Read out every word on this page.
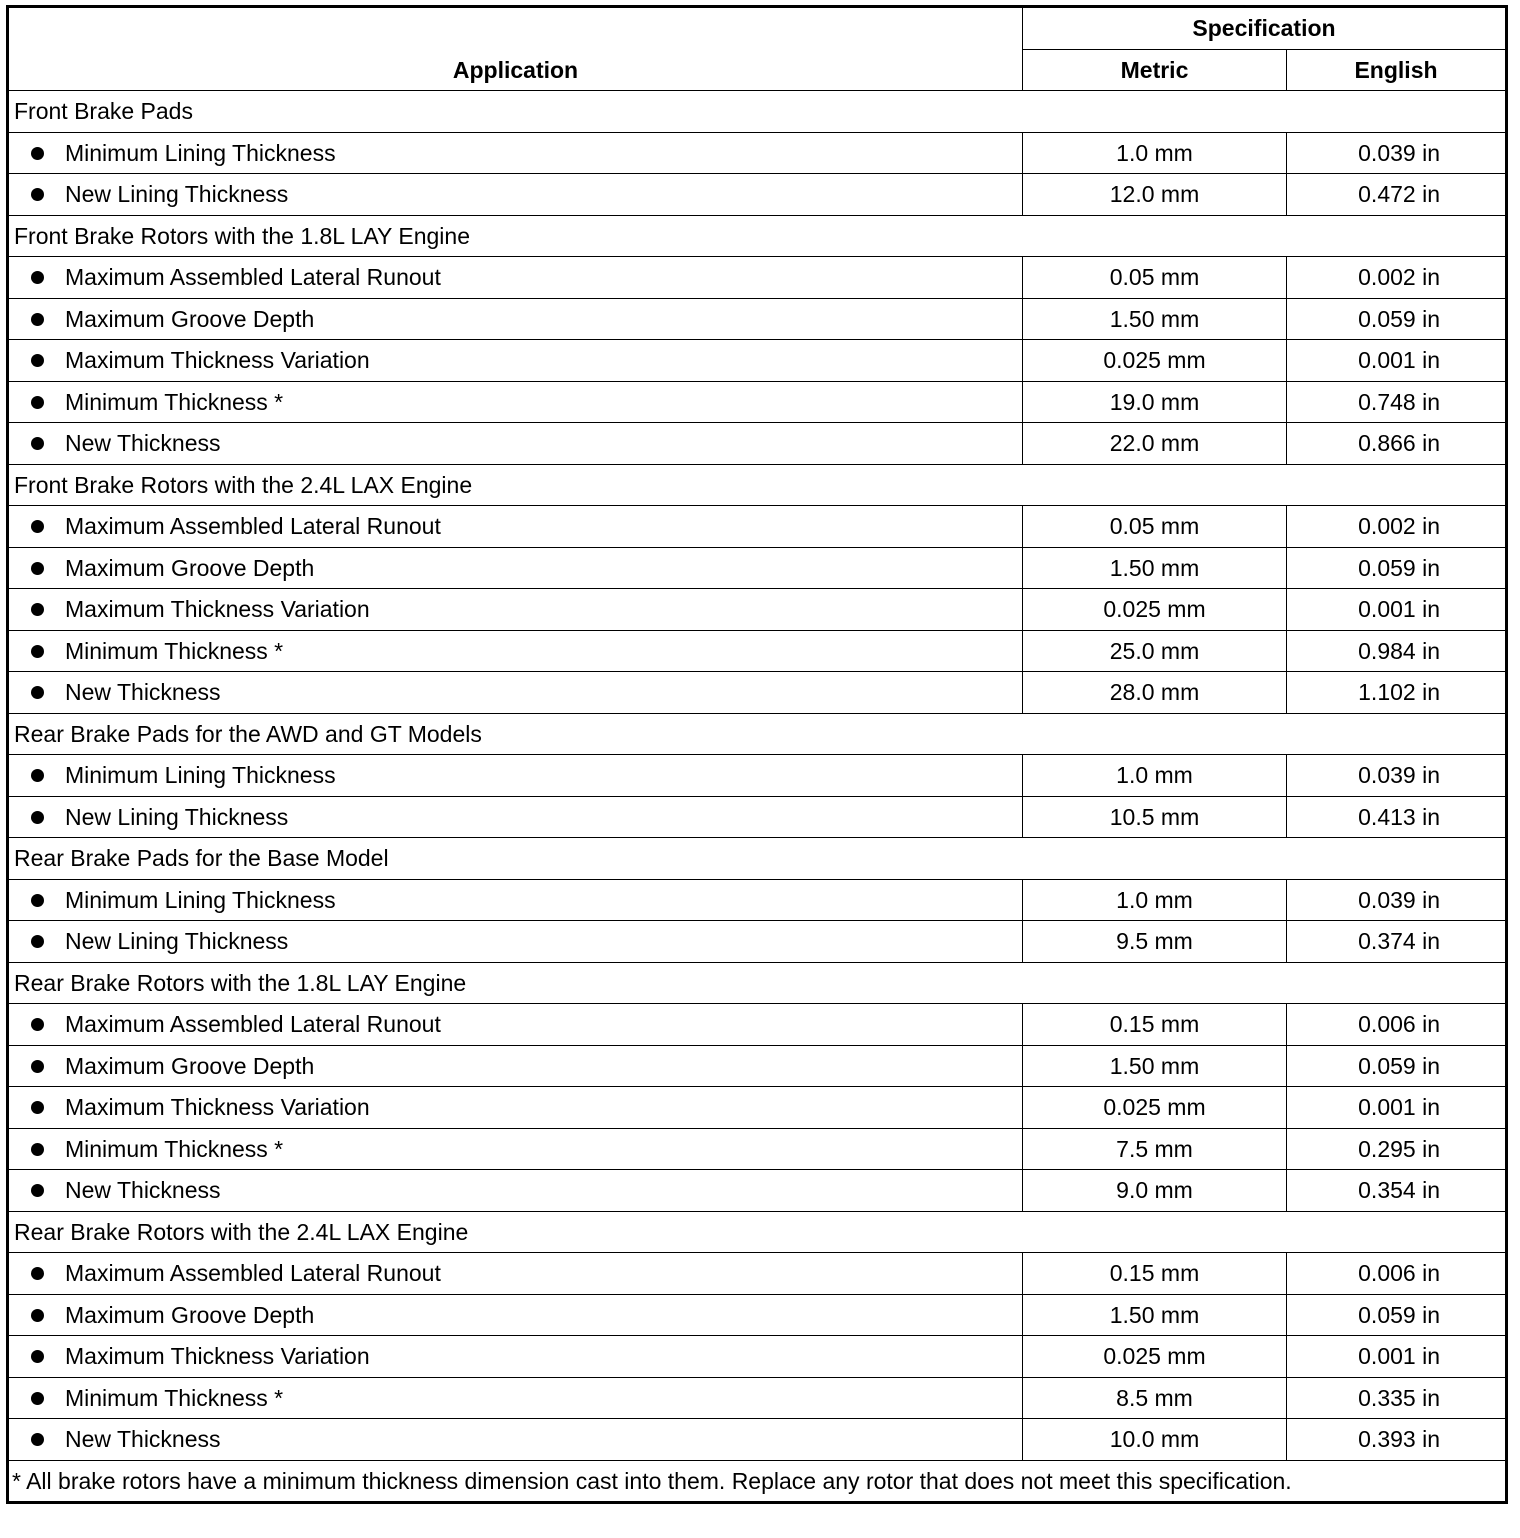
Application	Specification	
	Metric	English
Front Brake Pads		
Minimum Lining Thickness	1.0 mm	0.039 in
New Lining Thickness	12.0 mm	0.472 in
Front Brake Rotors with the 1.8L LAY Engine		
Maximum Assembled Lateral Runout	0.05 mm	0.002 in
Maximum Groove Depth	1.50 mm	0.059 in
Maximum Thickness Variation	0.025 mm	0.001 in
Minimum Thickness *	19.0 mm	0.748 in
New Thickness	22.0 mm	0.866 in
Front Brake Rotors with the 2.4L LAX Engine		
Maximum Assembled Lateral Runout	0.05 mm	0.002 in
Maximum Groove Depth	1.50 mm	0.059 in
Maximum Thickness Variation	0.025 mm	0.001 in
Minimum Thickness *	25.0 mm	0.984 in
New Thickness	28.0 mm	1.102 in
Rear Brake Pads for the AWD and GT Models		
Minimum Lining Thickness	1.0 mm	0.039 in
New Lining Thickness	10.5 mm	0.413 in
Rear Brake Pads for the Base Model		
Minimum Lining Thickness	1.0 mm	0.039 in
New Lining Thickness	9.5 mm	0.374 in
Rear Brake Rotors with the 1.8L LAY Engine		
Maximum Assembled Lateral Runout	0.15 mm	0.006 in
Maximum Groove Depth	1.50 mm	0.059 in
Maximum Thickness Variation	0.025 mm	0.001 in
Minimum Thickness *	7.5 mm	0.295 in
New Thickness	9.0 mm	0.354 in
Rear Brake Rotors with the 2.4L LAX Engine		
Maximum Assembled Lateral Runout	0.15 mm	0.006 in
Maximum Groove Depth	1.50 mm	0.059 in
Maximum Thickness Variation	0.025 mm	0.001 in
Minimum Thickness *	8.5 mm	0.335 in
New Thickness	10.0 mm	0.393 in
* All brake rotors have a minimum thickness dimension cast into them. Replace any rotor that does not meet this specification.		
